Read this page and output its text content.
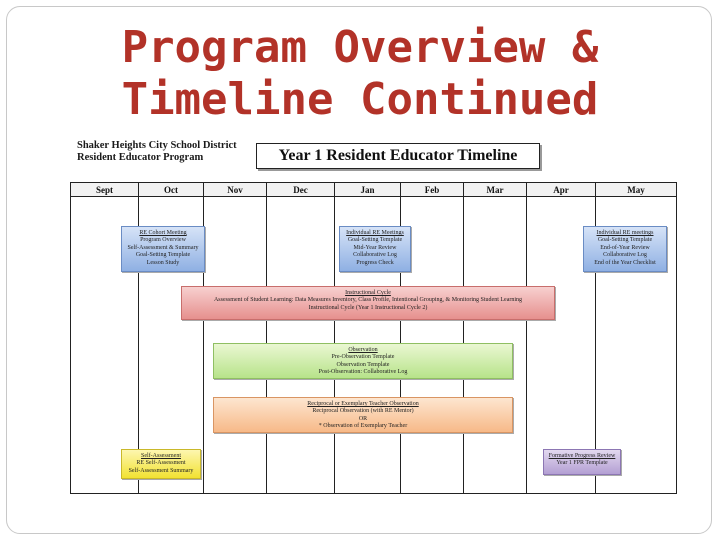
Program Overview &
Timeline Continued
Shaker Heights City School District
Resident Educator Program	Year 1 Resident Educator Timeline
Sept	Oct	Nov	Dec	Jan	Feb	Mar	Apr	May
RE Cohort Meeting
Program Overview
Self-Assessment & Summary
Goal-Setting Template
Lesson Study
Individual RE Meetings
Goal-Setting Template
Mid-Year Review
Collaborative Log
Progress Check
Individual RE meetings
Goal-Setting Template
End-of-Year Review
Collaborative Log
End of the Year Checklist
Instructional Cycle
Assessment of Student Learning: Data Measures Inventory, Class Profile, Intentional Grouping, & Monitoring Student Learning
Instructional Cycle (Year 1 Instructional Cycle 2)
Observation
Pre-Observation Template
Observation Template
Post-Observation: Collaborative Log
Reciprocal or Exemplary Teacher Observation
Reciprocal Observation (with RE Mentor)
OR
* Observation of Exemplary Teacher
Self-Assessment
RE Self-Assessment
Self-Assessment Summary
Formative Progress Review
Year 1 FPR Template
